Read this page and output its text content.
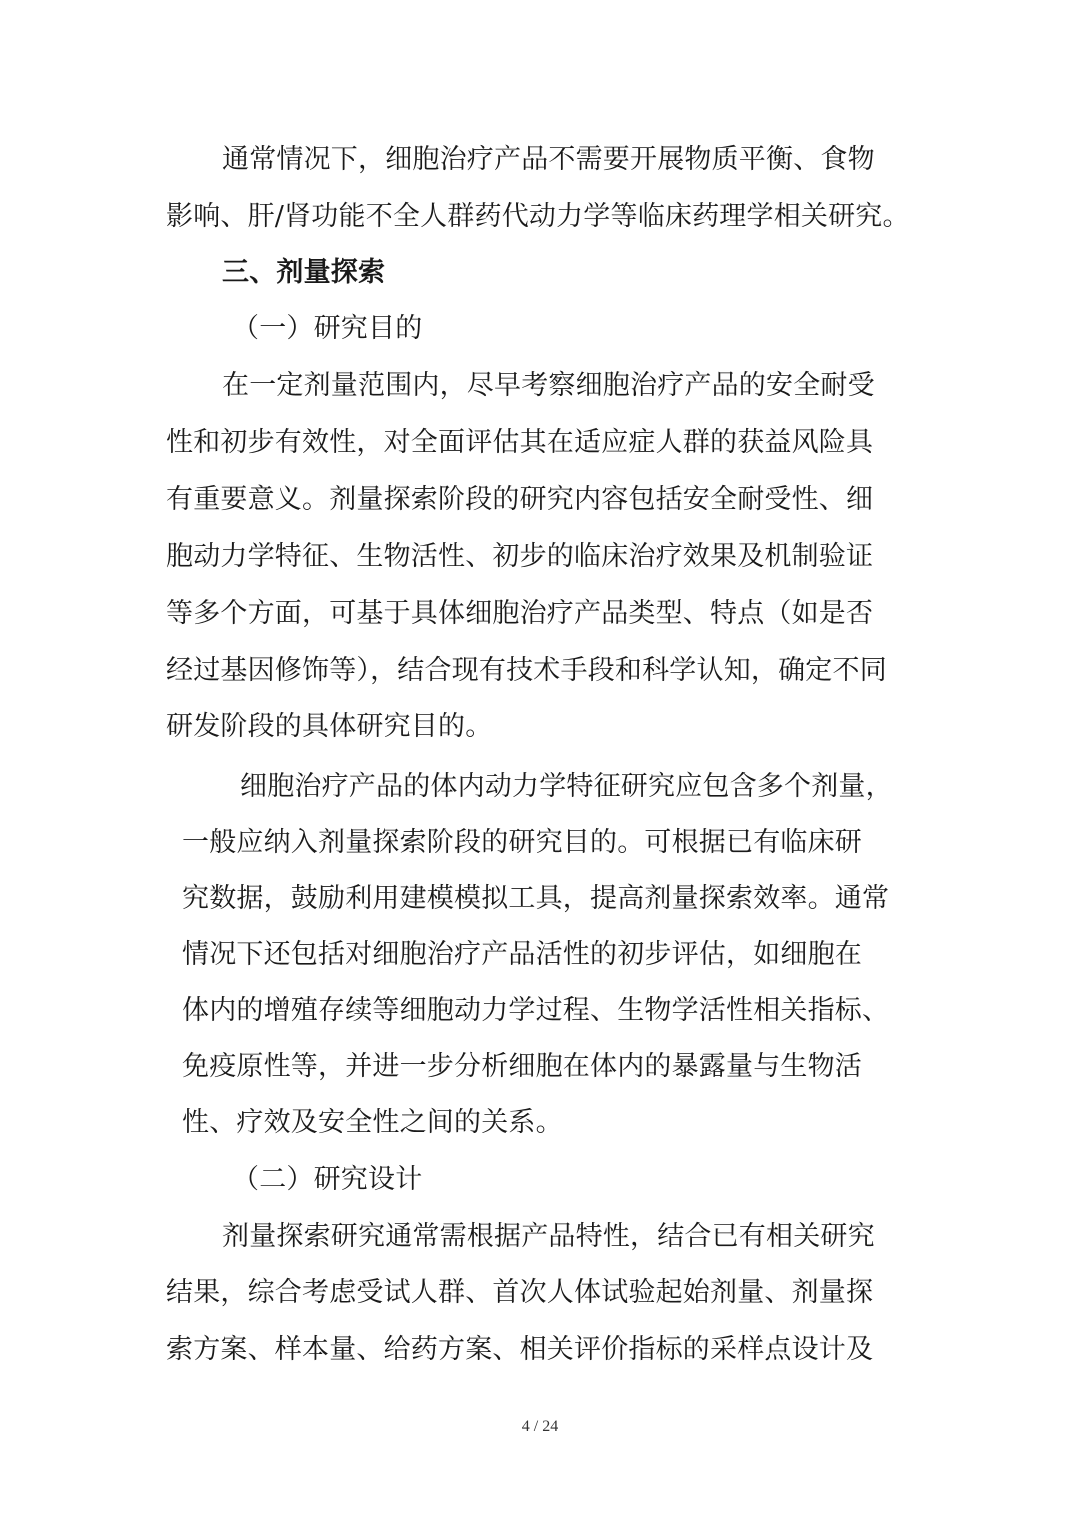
通常情况下，细胞治疗产品不需要开展物质平衡、食物
影响、肝/肾功能不全人群药代动力学等临床药理学相关研究。
三、剂量探索
（一）研究目的
在一定剂量范围内，尽早考察细胞治疗产品的安全耐受
性和初步有效性，对全面评估其在适应症人群的获益风险具
有重要意义。剂量探索阶段的研究内容包括安全耐受性、细
胞动力学特征、生物活性、初步的临床治疗效果及机制验证
等多个方面，可基于具体细胞治疗产品类型、特点（如是否
经过基因修饰等），结合现有技术手段和科学认知，确定不同
研发阶段的具体研究目的。
细胞治疗产品的体内动力学特征研究应包含多个剂量，
一般应纳入剂量探索阶段的研究目的。可根据已有临床研
究数据，鼓励利用建模模拟工具，提高剂量探索效率。通常
情况下还包括对细胞治疗产品活性的初步评估，如细胞在
体内的增殖存续等细胞动力学过程、生物学活性相关指标、
免疫原性等，并进一步分析细胞在体内的暴露量与生物活
性、疗效及安全性之间的关系。
（二）研究设计
剂量探索研究通常需根据产品特性，结合已有相关研究
结果，综合考虑受试人群、首次人体试验起始剂量、剂量探
索方案、样本量、给药方案、相关评价指标的采样点设计及
4 / 24
